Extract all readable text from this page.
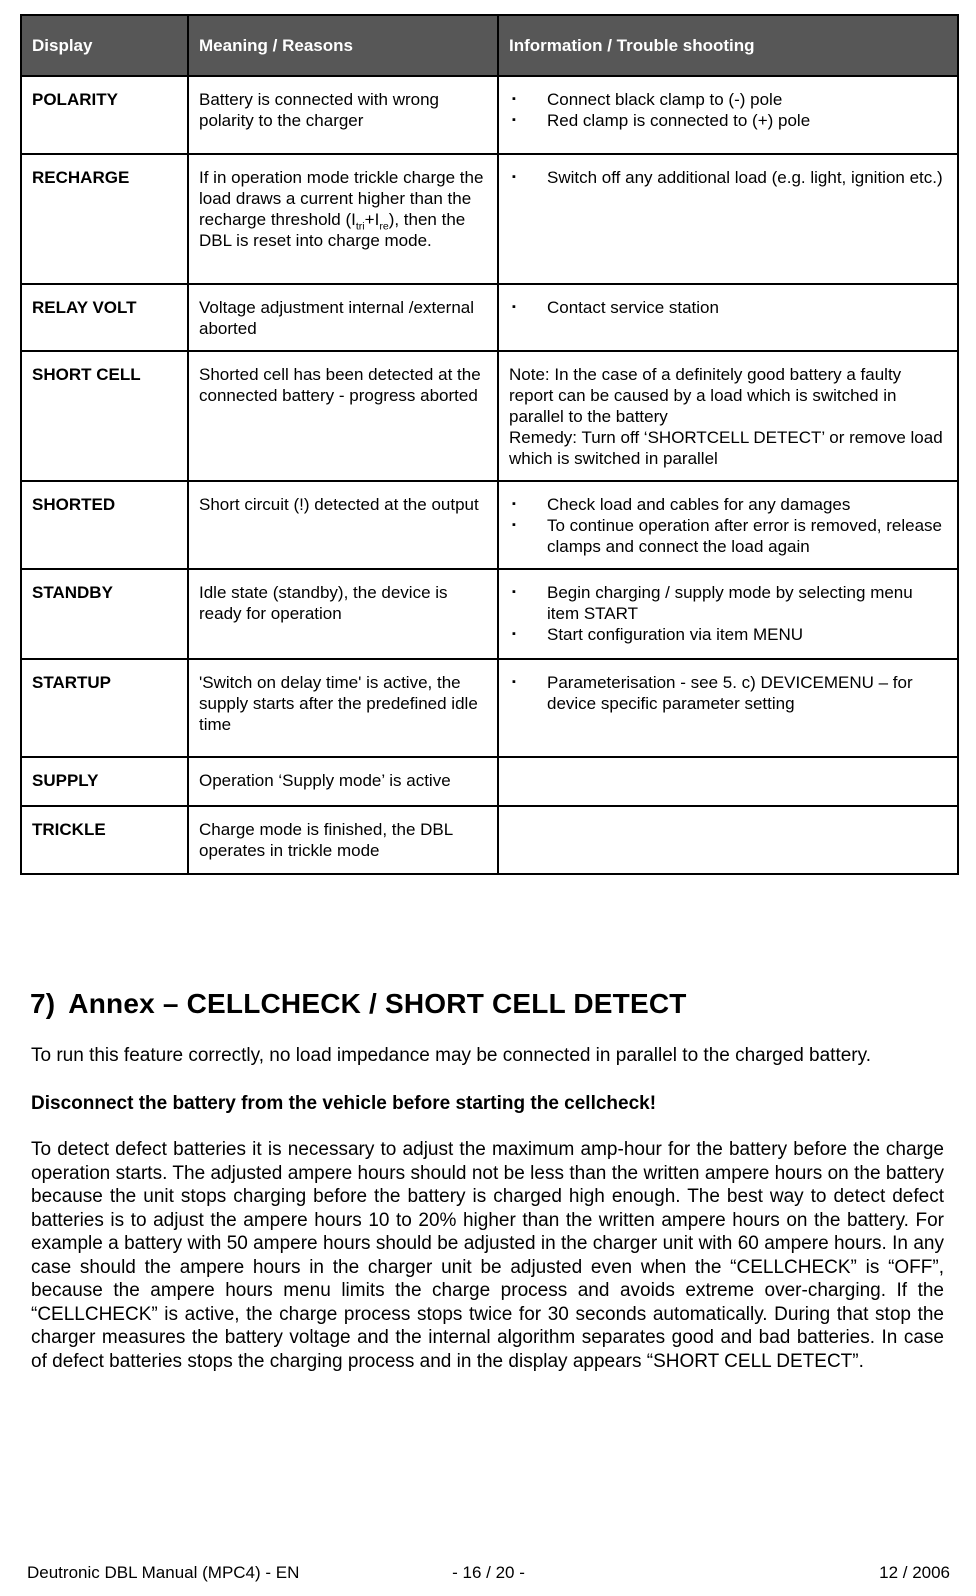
Display	Meaning / Reasons	Information / Trouble shooting
POLARITY	Battery is connected with wrong polarity to the charger	▪ Connect black clamp to (-) pole
▪ Red clamp is connected to (+) pole

RECHARGE	If in operation mode trickle charge the load draws a current higher than the recharge threshold $(I_{tri}+I_{re})$, then the DBL is reset into charge mode.	▪ Switch off any additional load (e.g. light, ignition etc.)

RELAY VOLT	Voltage adjustment internal /external aborted	▪ Contact service station

SHORT CELL	Shorted cell has been detected at the connected battery - progress aborted	Note: In the case of a definitely good battery a faulty report can be caused by a load which is switched in parallel to the battery
Remedy: Turn off ‘SHORTCELL DETECT’ or remove load which is switched in parallel

SHORTED	Short circuit (!) detected at the output	▪ Check load and cables for any damages
▪ To continue operation after error is removed, release clamps and connect the load again

STANDBY	Idle state (standby), the device is ready for operation	▪ Begin charging / supply mode by selecting menu item START
▪ Start configuration via item MENU

STARTUP	'Switch on delay time' is active, the supply starts after the predefined idle time	▪ Parameterisation - see 5. c) DEVICEMENU – for device specific parameter setting

SUPPLY	Operation ‘Supply mode’ is active	
TRICKLE	Charge mode is finished, the DBL operates in trickle mode	
7) Annex – CELLCHECK / SHORT CELL DETECT

To run this feature correctly, no load impedance may be connected in parallel to the charged battery.

Disconnect the battery from the vehicle before starting the cellcheck!

To detect defect batteries it is necessary to adjust the maximum amp-hour for the battery before the charge operation starts. The adjusted ampere hours should not be less than the written ampere hours on the battery because the unit stops charging before the battery is charged high enough. The best way to detect defect batteries is to adjust the ampere hours 10 to 20% higher than the written ampere hours on the battery. For example a battery with 50 ampere hours should be adjusted in the charger unit with 60 ampere hours. In any case should the ampere hours in the charger unit be adjusted even when the “CELLCHECK” is “OFF”, because the ampere hours menu limits the charge process and avoids extreme over-charging. If the “CELLCHECK” is active, the charge process stops twice for 30 seconds automatically. During that stop the charger measures the battery voltage and the internal algorithm separates good and bad batteries. In case of defect batteries stops the charging process and in the display appears “SHORT CELL DETECT”.

Deutronic DBL Manual (MPC4) - EN	- 16 / 20 -	12 / 2006
